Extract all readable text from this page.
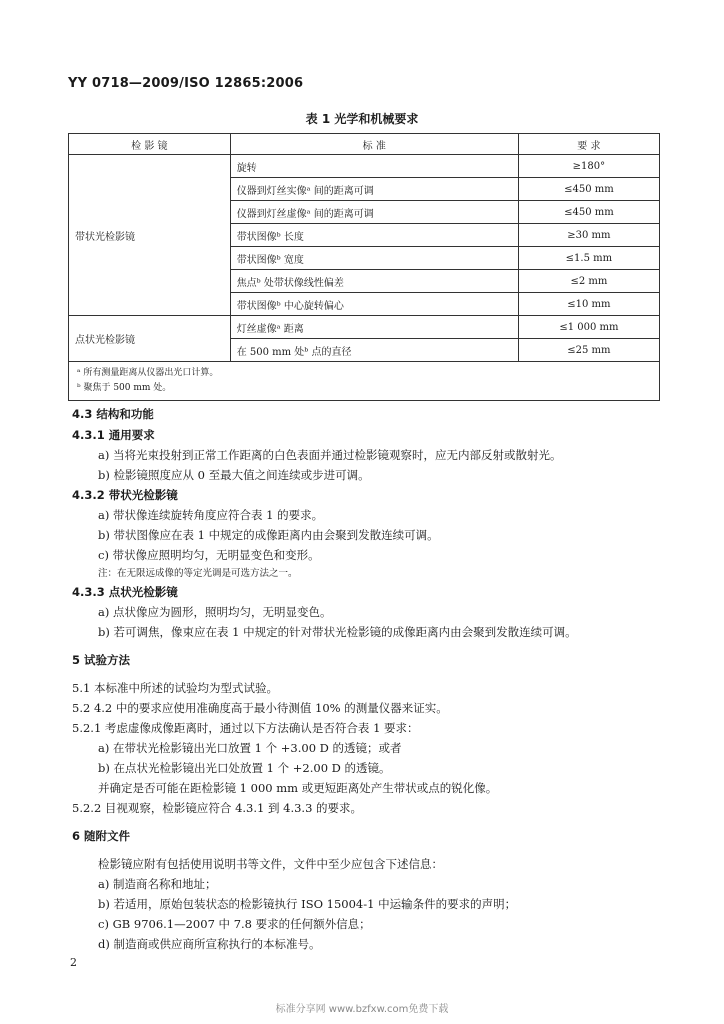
YY 0718—2009/ISO 12865:2006
表 1 光学和机械要求
检 影 镜	标 准	要 求
带状光检影镜	旋转	≥180°
	仪器到灯丝实像ᵃ 间的距离可调	≤450 mm
	仪器到灯丝虚像ᵃ 间的距离可调	≤450 mm
	带状图像ᵇ 长度	≥30 mm
	带状图像ᵇ 宽度	≤1.5 mm
	焦点ᵇ 处带状像线性偏差	≤2 mm
	带状图像ᵇ 中心旋转偏心	≤10 mm
点状光检影镜	灯丝虚像ᵃ 距离	≤1 000 mm
	在 500 mm 处ᵇ 点的直径	≤25 mm

ᵃ 所有测量距离从仪器出光口计算。
ᵇ 聚焦于 500 mm 处。		
4.3 结构和功能
4.3.1 通用要求
a) 当将光束投射到正常工作距离的白色表面并通过检影镜观察时，应无内部反射或散射光。
b) 检影镜照度应从 0 至最大值之间连续或步进可调。
4.3.2 带状光检影镜
a) 带状像连续旋转角度应符合表 1 的要求。
b) 带状图像应在表 1 中规定的成像距离内由会聚到发散连续可调。
c) 带状像应照明均匀，无明显变色和变形。
注：在无限远成像的等定光调是可选方法之一。
4.3.3 点状光检影镜
a) 点状像应为圆形，照明均匀，无明显变色。
b) 若可调焦，像束应在表 1 中规定的针对带状光检影镜的成像距离内由会聚到发散连续可调。
5 试验方法
5.1 本标准中所述的试验均为型式试验。
5.2 4.2 中的要求应使用准确度高于最小待测值 10% 的测量仪器来证实。
5.2.1 考虑虚像成像距离时，通过以下方法确认是否符合表 1 要求：
a) 在带状光检影镜出光口放置 1 个 +3.00 D 的透镜；或者
b) 在点状光检影镜出光口处放置 1 个 +2.00 D 的透镜。
并确定是否可能在距检影镜 1 000 mm 或更短距离处产生带状或点的锐化像。
5.2.2 目视观察，检影镜应符合 4.3.1 到 4.3.3 的要求。
6 随附文件
检影镜应附有包括使用说明书等文件，文件中至少应包含下述信息：
a) 制造商名称和地址；
b) 若适用，原始包装状态的检影镜执行 ISO 15004-1 中运输条件的要求的声明；
c) GB 9706.1—2007 中 7.8 要求的任何额外信息；
d) 制造商或供应商所宣称执行的本标准号。
2
标准分享网 www.bzfxw.com免费下载
